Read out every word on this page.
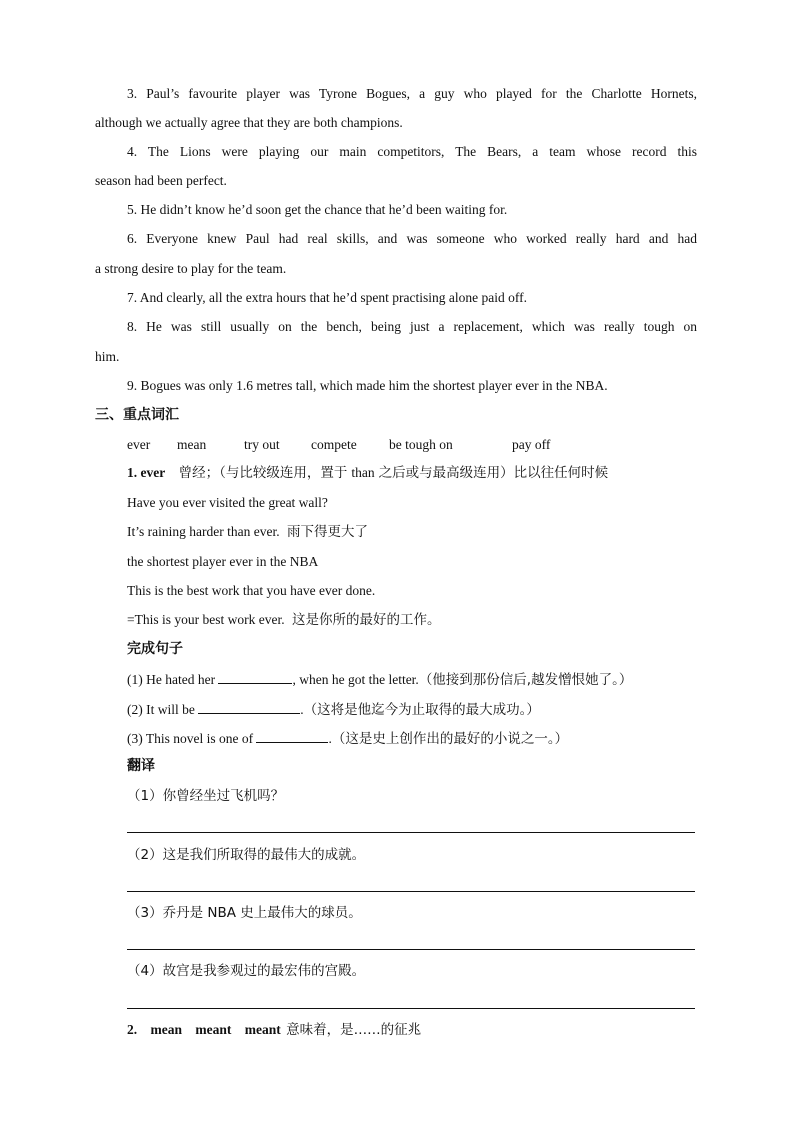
3. Paul’s favourite player was Tyrone Bogues, a guy who played for the Charlotte Hornets,
although we actually agree that they are both champions.
4. The Lions were playing our main competitors, The Bears, a team whose record this
season had been perfect.
5. He didn’t know he’d soon get the chance that he’d been waiting for.
6. Everyone knew Paul had real skills, and was someone who worked really hard and had
a strong desire to play for the team.
7. And clearly, all the extra hours that he’d spent practising alone paid off.
8. He was still usually on the bench, being just a replacement, which was really tough on
him.
9. Bogues was only 1.6 metres tall, which made him the shortest player ever in the NBA.
三、重点词汇
ever mean	try out compete be tough on	pay off
1. ever 曾经；（与比较级连用，置于 than 之后或与最高级连用）比以往任何时候
Have you ever visited the great wall?
It’s raining harder than ever. 雨下得更大了
the shortest player ever in the NBA
This is the best work that you have ever done.
=This is your best work ever. 这是你所的最好的工作。
完成句子
(1) He hated her	, when he got the letter.（他接到那份信后,越发憎恨她了。）
(2) It will be	.（这将是他迄今为止取得的最大成功。）
(3) This novel is one of	.（这是史上创作出的最好的小说之一。）
翻译
（1）你曾经坐过飞机吗？
（2）这是我们所取得的最伟大的成就。
（3）乔丹是 NBA 史上最伟大的球员。
（4）故宫是我参观过的最宏伟的宫殿。
2. mean meant meant 意味着，是……的征兆
